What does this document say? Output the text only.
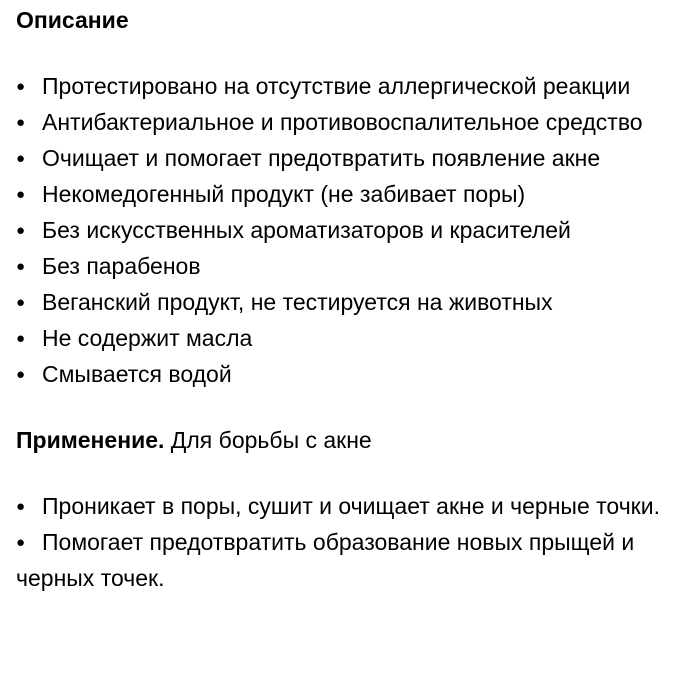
Описание
●Протестировано на отсутствие аллергической реакции
●Антибактериальное и противовоспалительное средство
●Очищает и помогает предотвратить появление акне
●Некомедогенный продукт (не забивает поры)
●Без искусственных ароматизаторов и красителей
●Без парабенов
●Веганский продукт, не тестируется на животных
●Не содержит масла
●Смывается водой
Применение. Для борьбы с акне
●Проникает в поры, сушит и очищает акне и черные точки.
●Помогает предотвратить образование новых прыщей и черных точек.
